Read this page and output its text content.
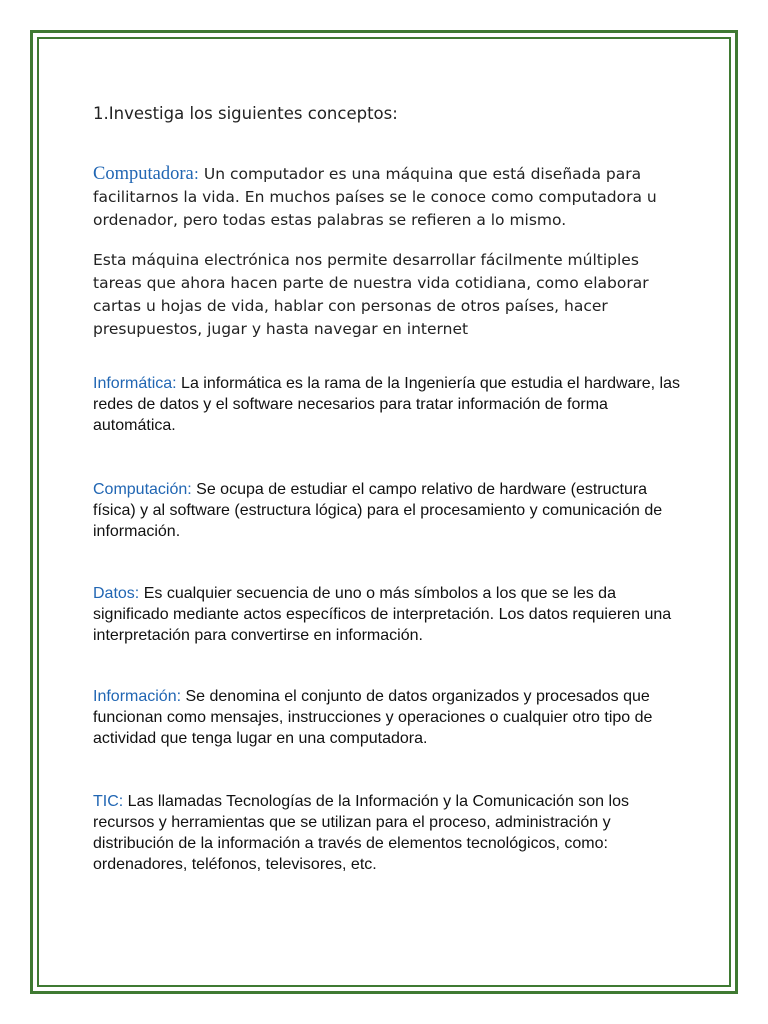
1.Investiga los siguientes conceptos:

Computadora: Un computador es una máquina que está diseñada para facilitarnos la vida. En muchos países se le conoce como computadora u ordenador, pero todas estas palabras se refieren a lo mismo.

Esta máquina electrónica nos permite desarrollar fácilmente múltiples tareas que ahora hacen parte de nuestra vida cotidiana, como elaborar cartas u hojas de vida, hablar con personas de otros países, hacer presupuestos, jugar y hasta navegar en internet

Informática: La informática es la rama de la Ingeniería que estudia el hardware, las redes de datos y el software necesarios para tratar información de forma automática.

Computación: Se ocupa de estudiar el campo relativo de hardware (estructura física) y al software (estructura lógica) para el procesamiento y comunicación de información.

Datos: Es cualquier secuencia de uno o más símbolos a los que se les da significado mediante actos específicos de interpretación. Los datos requieren una interpretación para convertirse en información.

Información: Se denomina el conjunto de datos organizados y procesados que funcionan como mensajes, instrucciones y operaciones o cualquier otro tipo de actividad que tenga lugar en una computadora.

TIC: Las llamadas Tecnologías de la Información y la Comunicación son los recursos y herramientas que se utilizan para el proceso, administración y distribución de la información a través de elementos tecnológicos, como: ordenadores, teléfonos, televisores, etc.
